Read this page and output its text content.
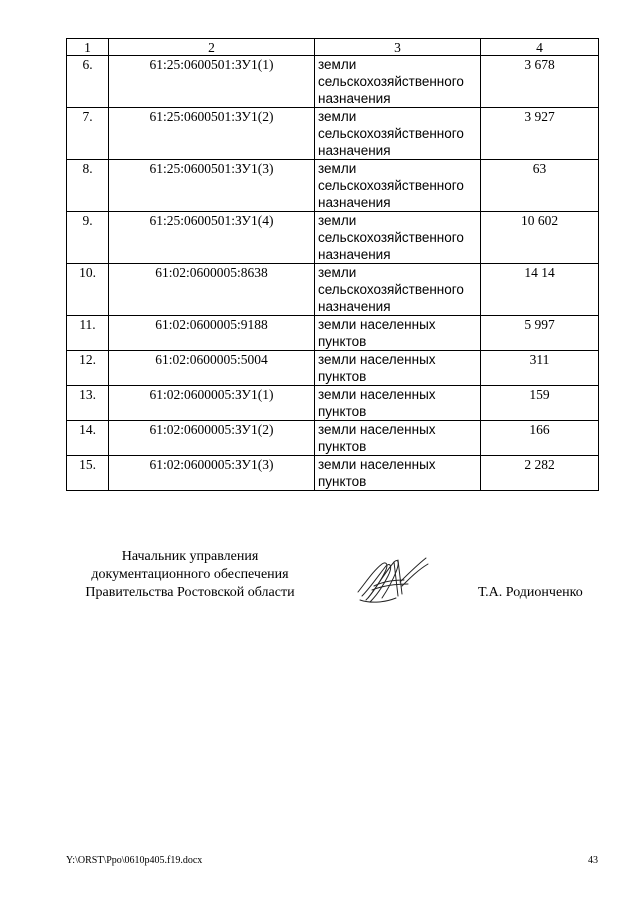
1	2	3	4
6.	61:25:0600501:ЗУ1(1)	земли сельскохозяйственного назначения	3 678
7.	61:25:0600501:ЗУ1(2)	земли сельскохозяйственного назначения	3 927
8.	61:25:0600501:ЗУ1(3)	земли сельскохозяйственного назначения	63
9.	61:25:0600501:ЗУ1(4)	земли сельскохозяйственного назначения	10 602
10.	61:02:0600005:8638	земли сельскохозяйственного назначения	14 14
11.	61:02:0600005:9188	земли населенных пунктов	5 997
12.	61:02:0600005:5004	земли населенных пунктов	311
13.	61:02:0600005:ЗУ1(1)	земли населенных пунктов	159
14.	61:02:0600005:ЗУ1(2)	земли населенных пунктов	166
15.	61:02:0600005:ЗУ1(3)	земли населенных пунктов	2 282
Начальник управления
документационного обеспечения
Правительства Ростовской области	Т.А. Родионченко
Y:\ORST\Ppo\0610p405.f19.docx	43
